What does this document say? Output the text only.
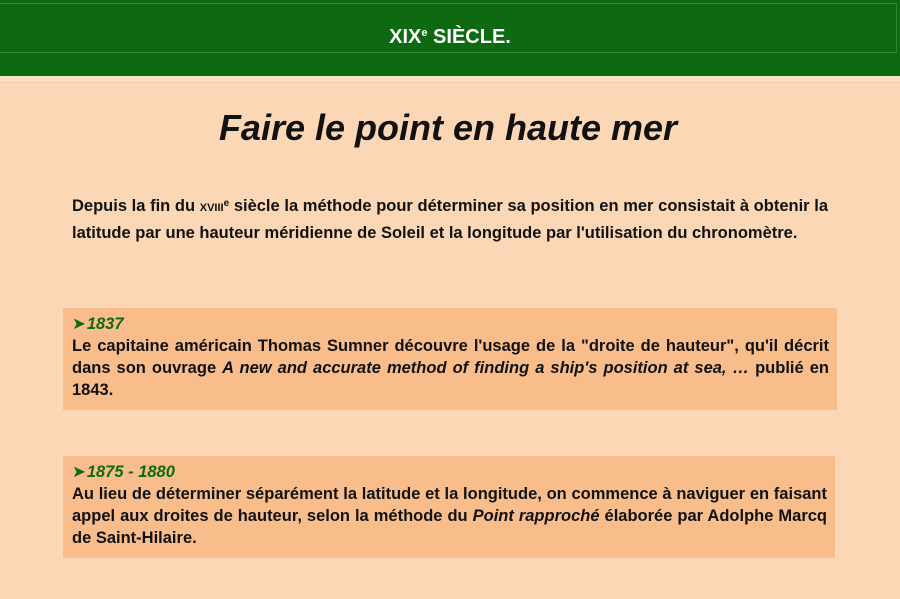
XIXe SIÈCLE.
Faire le point en haute mer
Depuis la fin du XVIIIe siècle la méthode pour déterminer sa position en mer consistait à obtenir la latitude par une hauteur méridienne de Soleil et la longitude par l'utilisation du chronomètre.
➤1837
Le capitaine américain Thomas Sumner découvre l'usage de la "droite de hauteur", qu'il décrit dans son ouvrage A new and accurate method of finding a ship's position at sea, … publié en 1843.
➤1875 - 1880
Au lieu de déterminer séparément la latitude et la longitude, on commence à naviguer en faisant appel aux droites de hauteur, selon la méthode du Point rapproché élaborée par Adolphe Marcq de Saint-Hilaire.
